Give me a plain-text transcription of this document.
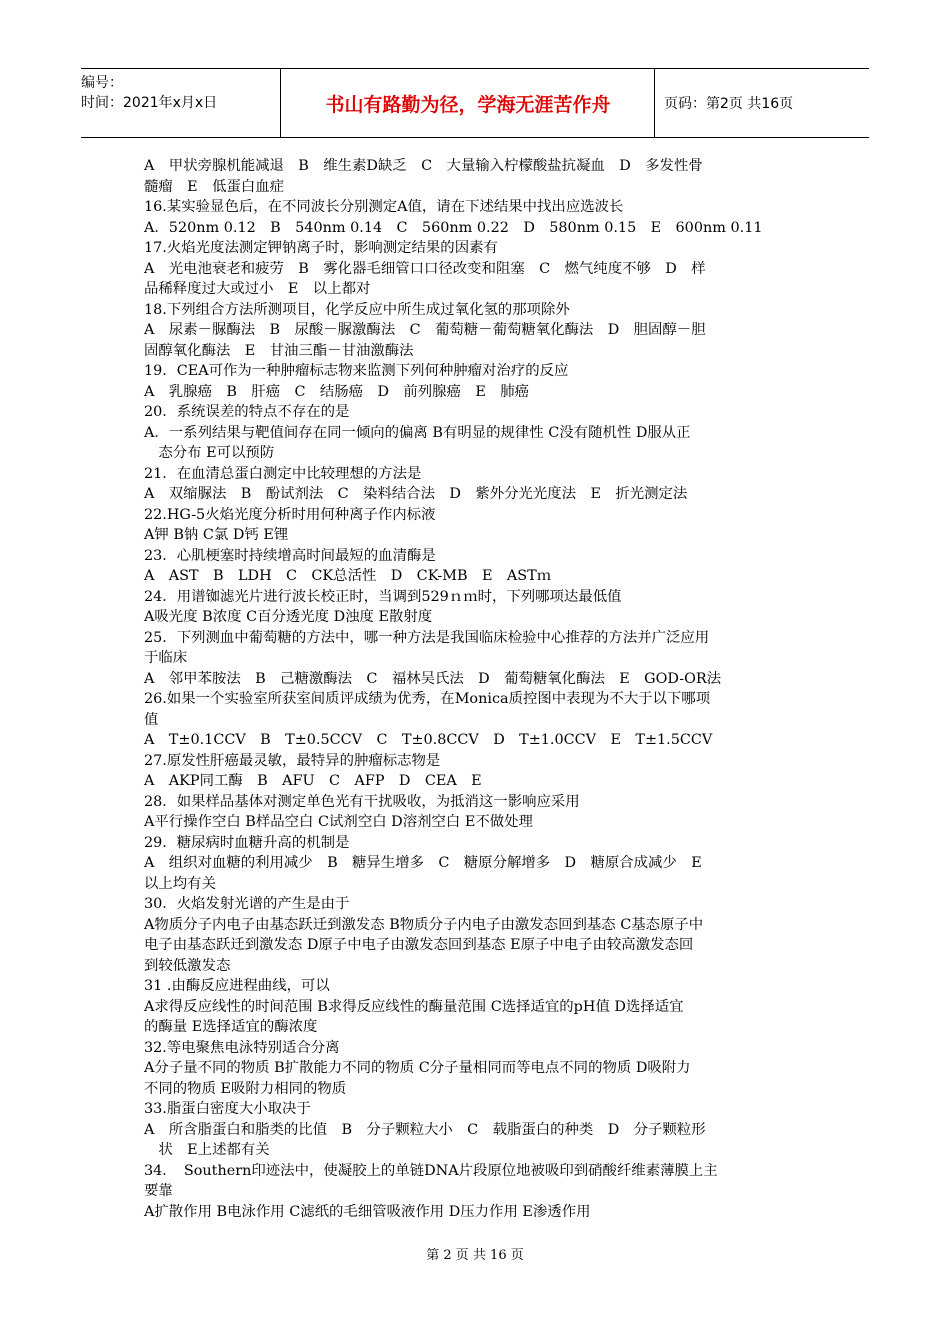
编号：
时间：2021年x月x日	书山有路勤为径，学海无涯苦作舟	页码：第2页 共16页
A　甲状旁腺机能减退　B　维生素D缺乏　C　大量输入柠檬酸盐抗凝血　D　多发性骨
髓瘤　E　低蛋白血症
16.某实验显色后，在不同波长分别测定A值，请在下述结果中找出应选波长
A．520nm 0.12　B　540nm 0.14　C　560nm 0.22　D　580nm 0.15　E　600nm 0.11
17.火焰光度法测定钾钠离子时，影响测定结果的因素有
A　光电池衰老和疲劳　B　雾化器毛细管口口径改变和阻塞　C　燃气纯度不够　D　样
品稀释度过大或过小　E　以上都对
18.下列组合方法所测项目，化学反应中所生成过氧化氢的那项除外
A　尿素－脲酶法　B　尿酸－脲激酶法　C　葡萄糖－葡萄糖氧化酶法　D　胆固醇－胆
固醇氧化酶法　E　甘油三酯－甘油激酶法
19．CEA可作为一种肿瘤标志物来监测下列何种肿瘤对治疗的反应
A　乳腺癌　B　肝癌　C　结肠癌　D　前列腺癌　E　肺癌
20．系统误差的特点不存在的是
A．一系列结果与靶值间存在同一倾向的偏离 B有明显的规律性 C没有随机性 D服从正
　态分布 E可以预防
21．在血清总蛋白测定中比较理想的方法是
A　双缩脲法　B　酚试剂法　C　染料结合法　D　紫外分光光度法　E　折光测定法
22.HG-5火焰光度分析时用何种离子作内标液
A钾 B钠 C氯 D钙 E锂
23．心肌梗塞时持续增高时间最短的血清酶是
A　AST　B　LDH　C　CK总活性　D　CK-MB　E　ASTｍ
24．用谱铷滤光片进行波长校正时，当调到529ｎｍ时，下列哪项达最低值
A吸光度 B浓度 C百分透光度 D浊度 E散射度
25．下列测血中葡萄糖的方法中，哪一种方法是我国临床检验中心推荐的方法并广泛应用
于临床
A　邻甲苯胺法　B　己糖激酶法　C　福林吴氏法　D　葡萄糖氧化酶法　E　GOD-OR法
26.如果一个实验室所获室间质评成绩为优秀，在Monica质控图中表现为不大于以下哪项
值
A　T±0.1CCV　B　T±0.5CCV　C　T±0.8CCV　D　T±1.0CCV　E　T±1.5CCV
27.原发性肝癌最灵敏，最特异的肿瘤标志物是
A　AKP同工酶　B　AFU　C　AFP　D　CEA　E
28．如果样品基体对测定单色光有干扰吸收，为抵消这一影响应采用
A平行操作空白 B样品空白 C试剂空白 D溶剂空白 E不做处理
29．糖尿病时血糖升高的机制是
A　组织对血糖的利用减少　B　糖异生增多　C　糖原分解增多　D　糖原合成减少　E
以上均有关
30．火焰发射光谱的产生是由于
A物质分子内电子由基态跃迁到激发态 B物质分子内电子由激发态回到基态 C基态原子中
电子由基态跃迁到激发态 D原子中电子由激发态回到基态 E原子中电子由较高激发态回
到较低激发态
31 .由酶反应进程曲线，可以
A求得反应线性的时间范围 B求得反应线性的酶量范围 C选择适宜的pH值 D选择适宜
的酶量 E选择适宜的酶浓度
32.等电聚焦电泳特别适合分离
A分子量不同的物质 B扩散能力不同的物质 C分子量相同而等电点不同的物质 D吸附力
不同的物质 E吸附力相同的物质
33.脂蛋白密度大小取决于
A　所含脂蛋白和脂类的比值　B　分子颗粒大小　C　载脂蛋白的种类　D　分子颗粒形
　状　E上述都有关
34．　Southern印迹法中，使凝胶上的单链DNA片段原位地被吸印到硝酸纤维素薄膜上主
要靠
A扩散作用 B电泳作用 C滤纸的毛细管吸液作用 D压力作用 E渗透作用
第 2 页 共 16 页
